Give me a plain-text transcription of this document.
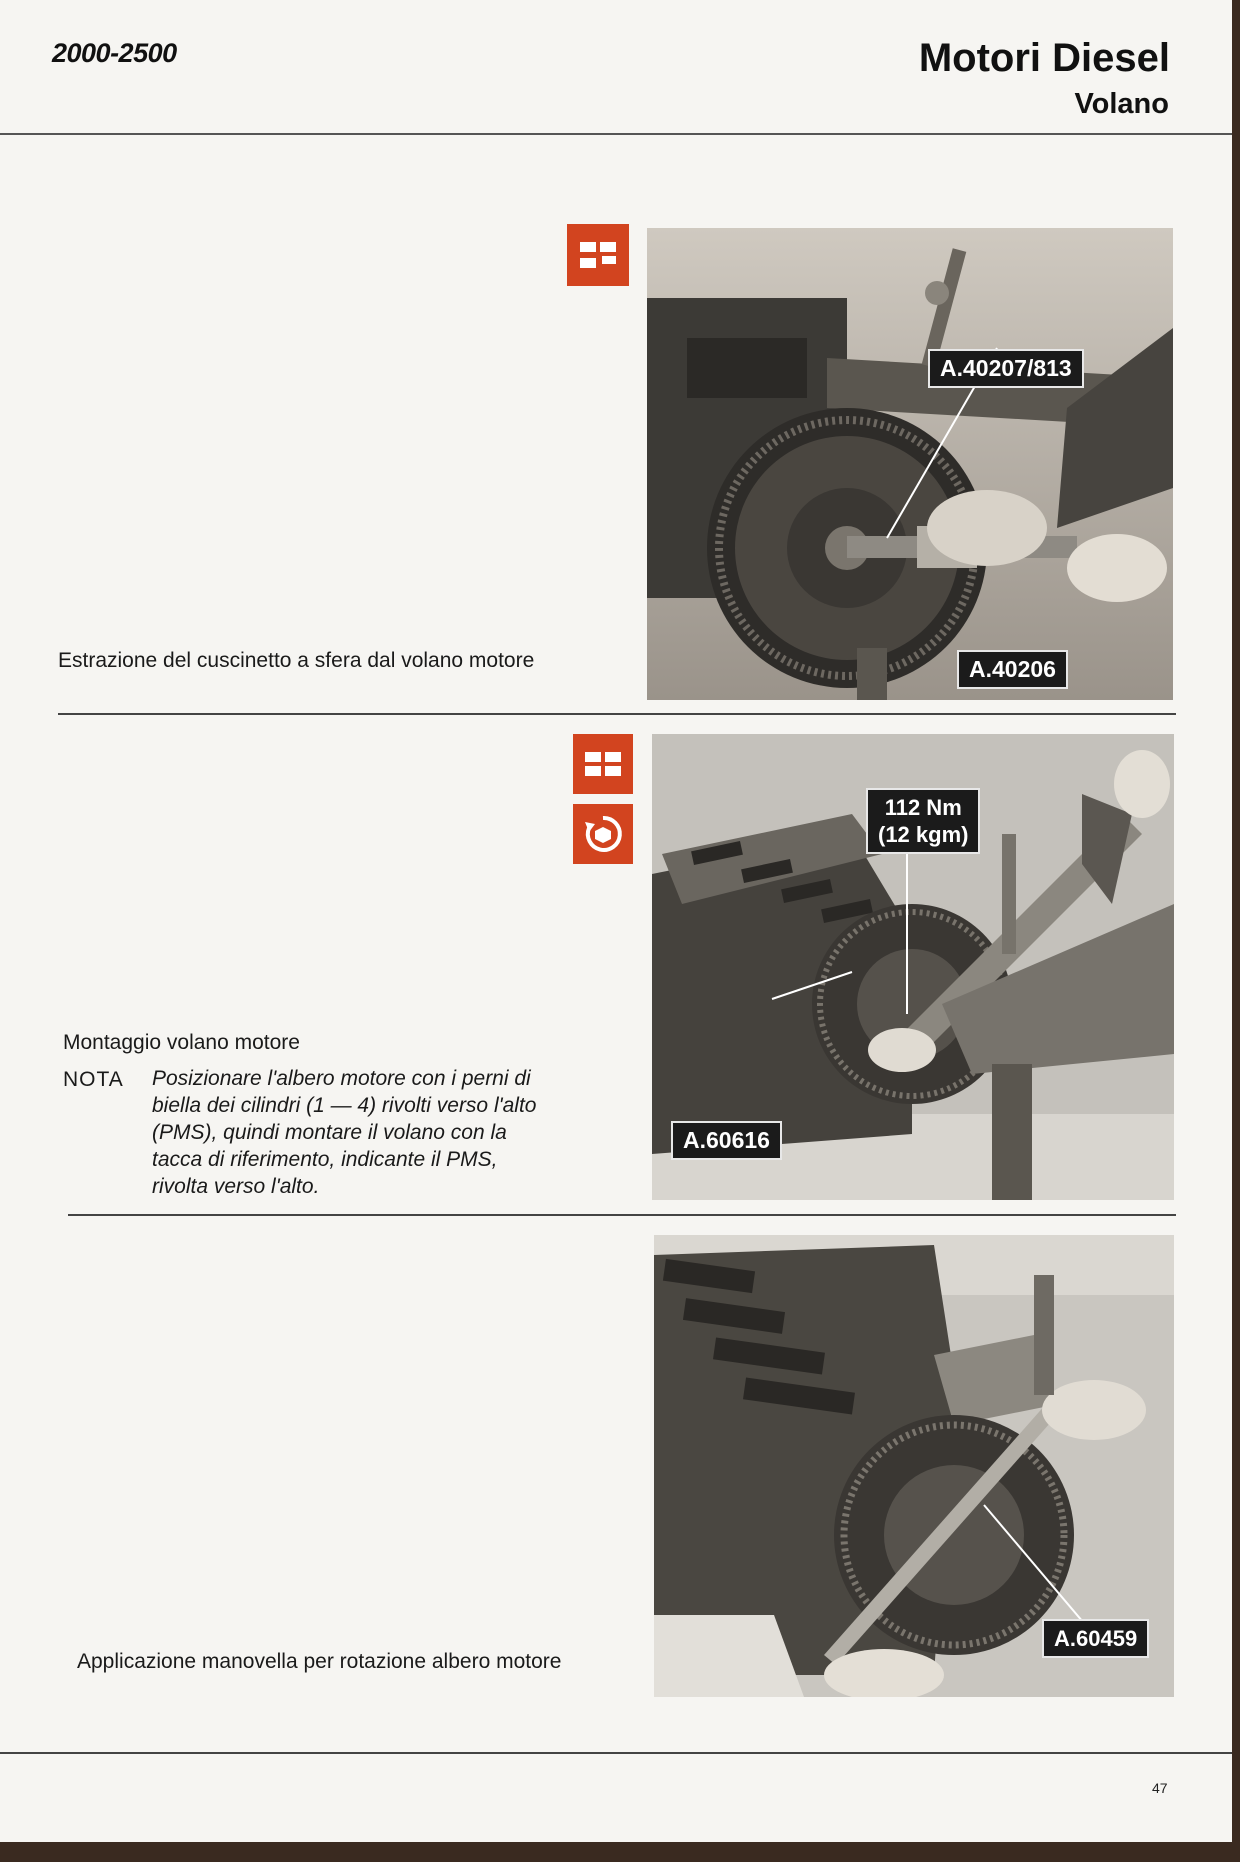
2000-2500	Motori Diesel
Volano
A.40207/813
A.40206
Estrazione del cuscinetto a sfera dal volano motore
112 Nm
(12 kgm)
A.60616
Montaggio volano motore
NOTA Posizionare l'albero motore con i perni di biella dei cilindri (1 — 4) rivolti verso l'alto (PMS), quindi montare il volano con la tacca di riferimento, indicante il PMS, rivolta verso l'alto.
A.60459
Applicazione manovella per rotazione albero motore
47
